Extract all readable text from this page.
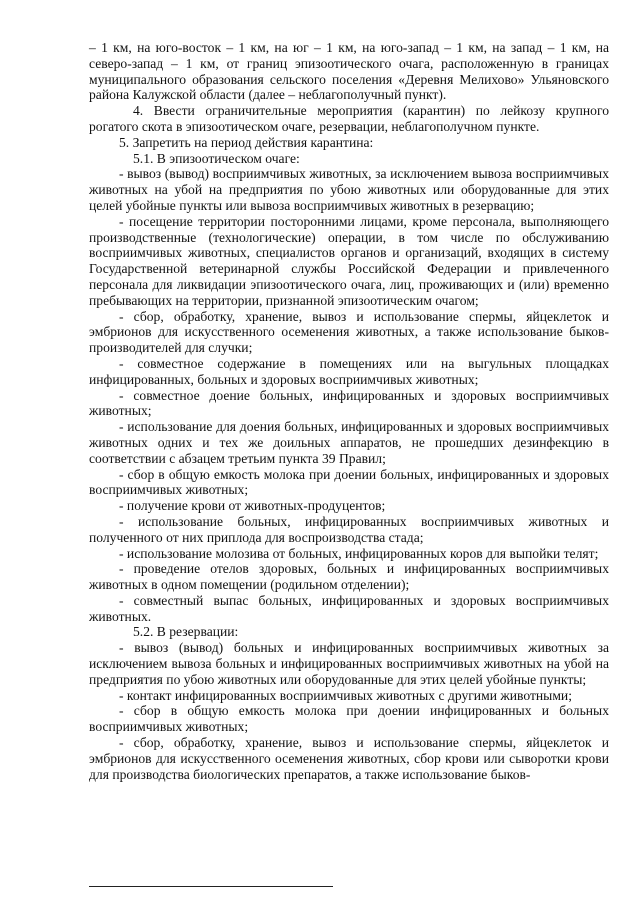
– 1 км, на юго-восток – 1 км, на юг – 1 км, на юго-запад – 1 км, на запад – 1 км, на северо-запад – 1 км, от границ эпизоотического очага, расположенную в границах муниципального образования сельского поселения «Деревня Мелихово» Ульяновского района Калужской области (далее – неблагополучный пункт).

4. Ввести ограничительные мероприятия (карантин) по лейкозу крупного рогатого скота в эпизоотическом очаге, резервации, неблагополучном пункте.

5. Запретить на период действия карантина:

5.1. В эпизоотическом очаге:

- вывоз (вывод) восприимчивых животных, за исключением вывоза восприимчивых животных на убой на предприятия по убою животных или оборудованные для этих целей убойные пункты или вывоза восприимчивых животных в резервацию;

- посещение территории посторонними лицами, кроме персонала, выполняющего производственные (технологические) операции, в том числе по обслуживанию восприимчивых животных, специалистов органов и организаций, входящих в систему Государственной ветеринарной службы Российской Федерации и привлеченного персонала для ликвидации эпизоотического очага, лиц, проживающих и (или) временно пребывающих на территории, признанной эпизоотическим очагом;

- сбор, обработку, хранение, вывоз и использование спермы, яйцеклеток и эмбрионов для искусственного осеменения животных, а также использование быков-производителей для случки;

- совместное содержание в помещениях или на выгульных площадках инфицированных, больных и здоровых восприимчивых животных;

- совместное доение больных, инфицированных и здоровых восприимчивых животных;

- использование для доения больных, инфицированных и здоровых восприимчивых животных одних и тех же доильных аппаратов, не прошедших дезинфекцию в соответствии с абзацем третьим пункта 39 Правил;

- сбор в общую емкость молока при доении больных, инфицированных и здоровых восприимчивых животных;

- получение крови от животных-продуцентов;

- использование больных, инфицированных восприимчивых животных и полученного от них приплода для воспроизводства стада;

- использование молозива от больных, инфицированных коров для выпойки телят;

- проведение отелов здоровых, больных и инфицированных восприимчивых животных в одном помещении (родильном отделении);

- совместный выпас больных, инфицированных и здоровых восприимчивых животных.

5.2. В резервации:

- вывоз (вывод) больных и инфицированных восприимчивых животных за исключением вывоза больных и инфицированных восприимчивых животных на убой на предприятия по убою животных или оборудованные для этих целей убойные пункты;

- контакт инфицированных восприимчивых животных с другими животными;

- сбор в общую емкость молока при доении инфицированных и больных восприимчивых животных;

- сбор, обработку, хранение, вывоз и использование спермы, яйцеклеток и эмбрионов для искусственного осеменения животных, сбор крови или сыворотки крови для производства биологических препаратов, а также использование быков-
